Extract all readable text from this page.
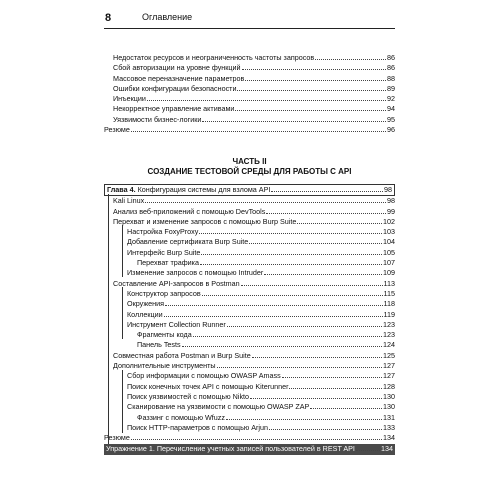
8	Оглавление
Недостаток ресурсов и неограниченность частоты запросов	86
Сбой авторизации на уровне функций	86
Массовое переназначение параметров	88
Ошибки конфигурации безопасности	89
Инъекции	92
Некорректное управление активами	94
Уязвимости бизнес-логики	95
Резюме	96
ЧАСТЬ II
СОЗДАНИЕ ТЕСТОВОЙ СРЕДЫ ДЛЯ РАБОТЫ С API
Глава 4. Конфигурация системы для взлома API	98
Kali Linux	98
Анализ веб-приложений с помощью DevTools	99
Перехват и изменение запросов с помощью Burp Suite	102
Настройка FoxyProxy	103
Добавление сертификата Burp Suite	104
Интерфейс Burp Suite	105
Перехват трафика	107
Изменение запросов с помощью Intruder	109
Составление API-запросов в Postman	113
Конструктор запросов	115
Окружения	118
Коллекции	119
Инструмент Collection Runner	123
Фрагменты кода	123
Панель Tests	124
Совместная работа Postman и Burp Suite	125
Дополнительные инструменты	127
Сбор информации с помощью OWASP Amass	127
Поиск конечных точек API с помощью Kiterunner	128
Поиск уязвимостей с помощью Nikto	130
Сканирование на уязвимости с помощью OWASP ZAP	130
Фаззинг с помощью Wfuzz	131
Поиск HTTP-параметров с помощью Arjun	133
Резюме	134
Упражнение 1. Перечисление учетных записей пользователей в REST API	134
